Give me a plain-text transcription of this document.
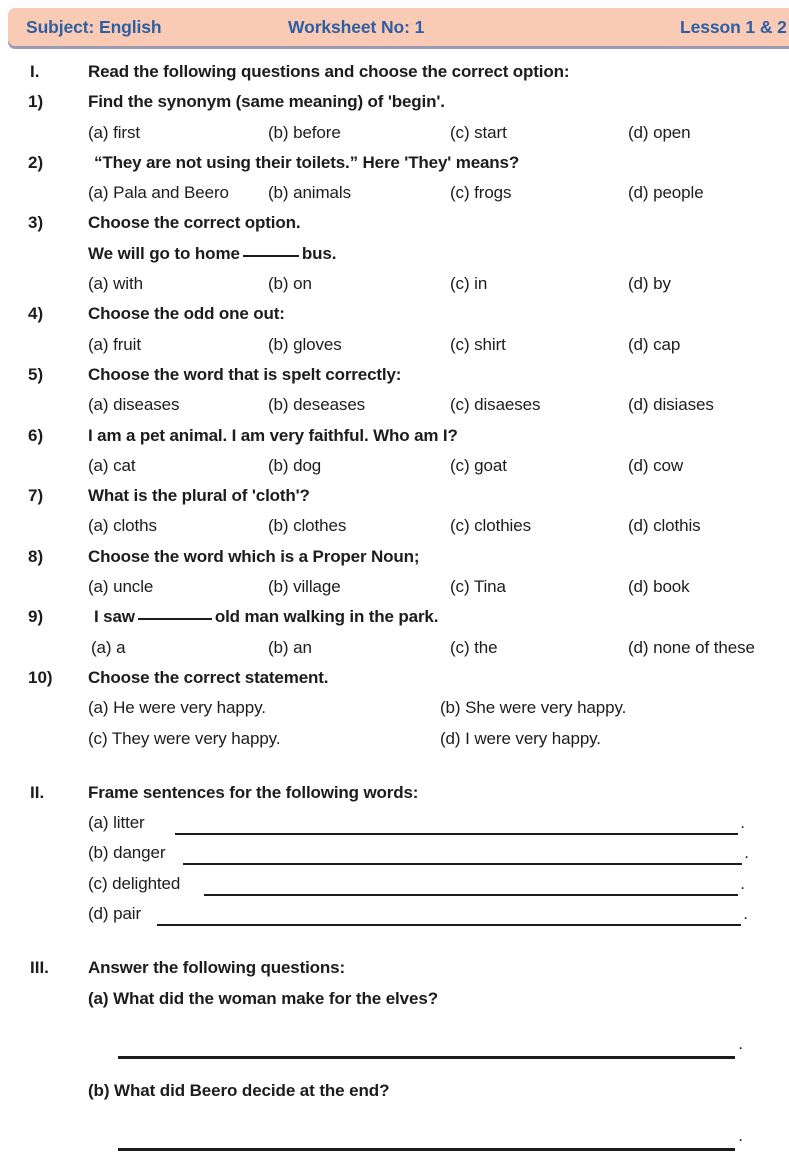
Subject: English	Worksheet No: 1	Lesson 1 & 2
I.	Read the following questions and choose the correct option:
1)	Find the synonym (same meaning) of 'begin'.
(a) first	(b) before	(c) start	(d) open
2)	“They are not using their toilets.” Here 'They' means?
(a) Pala and Beero (b) animals	(c) frogs	(d) people
3)	Choose the correct option.
We will go to home	bus.
(a) with	(b) on	(c) in	(d) by
4)	Choose the odd one out:
(a) fruit	(b) gloves	(c) shirt	(d) cap
5)	Choose the word that is spelt correctly:
(a) diseases	(b) deseases	(c) disaeses	(d) disiases
6)	I am a pet animal. I am very faithful. Who am I?
(a) cat	(b) dog	(c) goat	(d) cow
7)	What is the plural of 'cloth'?
(a) cloths	(b) clothes	(c) clothies	(d) clothis
8)	Choose the word which is a Proper Noun;
(a) uncle	(b) village	(c) Tina	(d) book
9)	I saw	old man walking in the park.
(a) a	(b) an	(c) the	(d) none of these
10) Choose the correct statement.
(a) He were very happy.	(b) She were very happy.
(c) They were very happy.	(d) I were very happy.
II.	Frame sentences for the following words:
(a) litter	.
(b) danger	.
(c) delighted	.
(d) pair	.
III. Answer the following questions:
(a) What did the woman make for the elves?
.
(b) What did Beero decide at the end?
.
